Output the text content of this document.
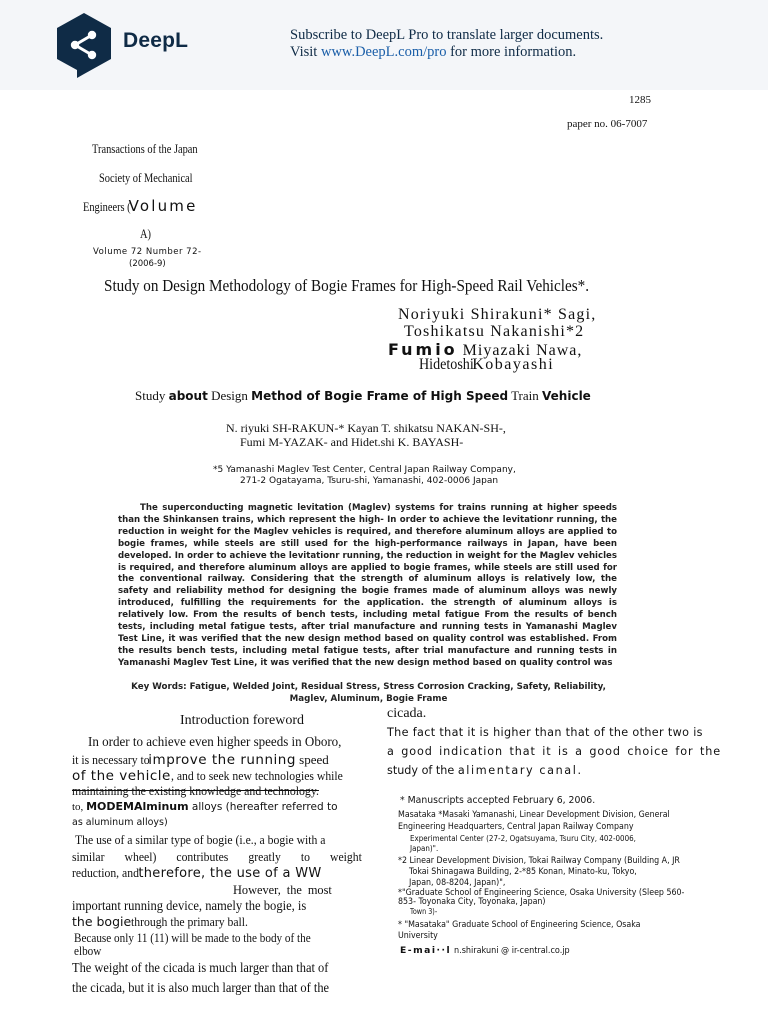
DeepL	Subscribe to DeepL Pro to translate larger documents.
Visit www.DeepL.com/pro for more information.
1285
paper no. 06-7007
Transactions of the Japan
Society of Mechanical
Engineers (Volume
A)
Volume 72 Number 72-
(2006-9)
Study on Design Methodology of Bogie Frames for High-Speed Rail Vehicles*.
Noriyuki Shirakuni* Sagi,
Toshikatsu Nakanishi*2
Fumio Miyazaki Nawa,
HidetoshiKobayashi
Study about Design Method of Bogie Frame of High Speed Train Vehicle
N. riyuki SH-RAKUN-* Kayan T. shikatsu NAKAN-SH-,
Fumi M-YAZAK- and Hidet.shi K. BAYASH-
*5 Yamanashi Maglev Test Center, Central Japan Railway Company,
271-2 Ogatayama, Tsuru-shi, Yamanashi, 402-0006 Japan
The superconducting magnetic levitation (Maglev) systems for trains running at higher speeds than the Shinkansen trains, which represent the high- In order to achieve the levitationr running, the reduction in weight for the Maglev vehicles is required, and therefore aluminum alloys are applied to bogie frames, while steels are still used for the high-performance railways in Japan, have been developed. In order to achieve the levitationr running, the reduction in weight for the Maglev vehicles is required, and therefore aluminum alloys are applied to bogie frames, while steels are still used for the conventional railway. Considering that the strength of aluminum alloys is relatively low, the safety and reliability method for designing the bogie frames made of aluminum alloys was newly introduced, fulfilling the requirements for the application. the strength of aluminum alloys is relatively low. From the results of bench tests, including metal fatigue From the results of bench tests, including metal fatigue tests, after trial manufacture and running tests in Yamanashi Maglev Test Line, it was verified that the new design method based on quality control was established. From the results bench tests, including metal fatigue tests, after trial manufacture and running tests in Yamanashi Maglev Test Line, it was verified that the new design method based on quality control was
Key Words: Fatigue, Welded Joint, Residual Stress, Stress Corrosion Cracking, Safety, Reliability,
Maglev, Aluminum, Bogie Frame
Introduction foreword
In order to achieve even higher speeds in Oboro,
it is necessary toimprove the running speed
of the vehicle, and to seek new technologies while
maintaining the existing knowledge and technology.
to, MODEMAlminum alloys (hereafter referred to
as aluminum alloys)
The use of a similar type of bogie (i.e., a bogie with a
similar wheel) contributes greatly to weight
reduction, andtherefore, the use of a WW
However, the most
important running device, namely the bogie, is
the bogiethrough the primary ball.
Because only 11 (11) will be made to the body of the
elbow
The weight of the cicada is much larger than that of
the cicada, but it is also much larger than that of the
cicada.
The fact that it is higher than that of the other two is
a good indication that it is a good choice for the
study of the alimentary canal.
* Manuscripts accepted February 6, 2006.
Masataka *Masaki Yamanashi, Linear Development Division, General
Engineering Headquarters, Central Japan Railway Company
Experimental Center (27-2, Ogatsuyama, Tsuru City, 402-0006,
Japan)".
*2 Linear Development Division, Tokai Railway Company (Building A, JR
Tokai Shinagawa Building, 2-*85 Konan, Minato-ku, Tokyo,
Japan, 08-8204, Japan)",
*"Graduate School of Engineering Science, Osaka University (Sleep 560-
853- Toyonaka City, Toyonaka, Japan)
Town 3)-
* "Masataka" Graduate School of Engineering Science, Osaka
University
E-mai··l n.shirakuni @ ir-central.co.jp
